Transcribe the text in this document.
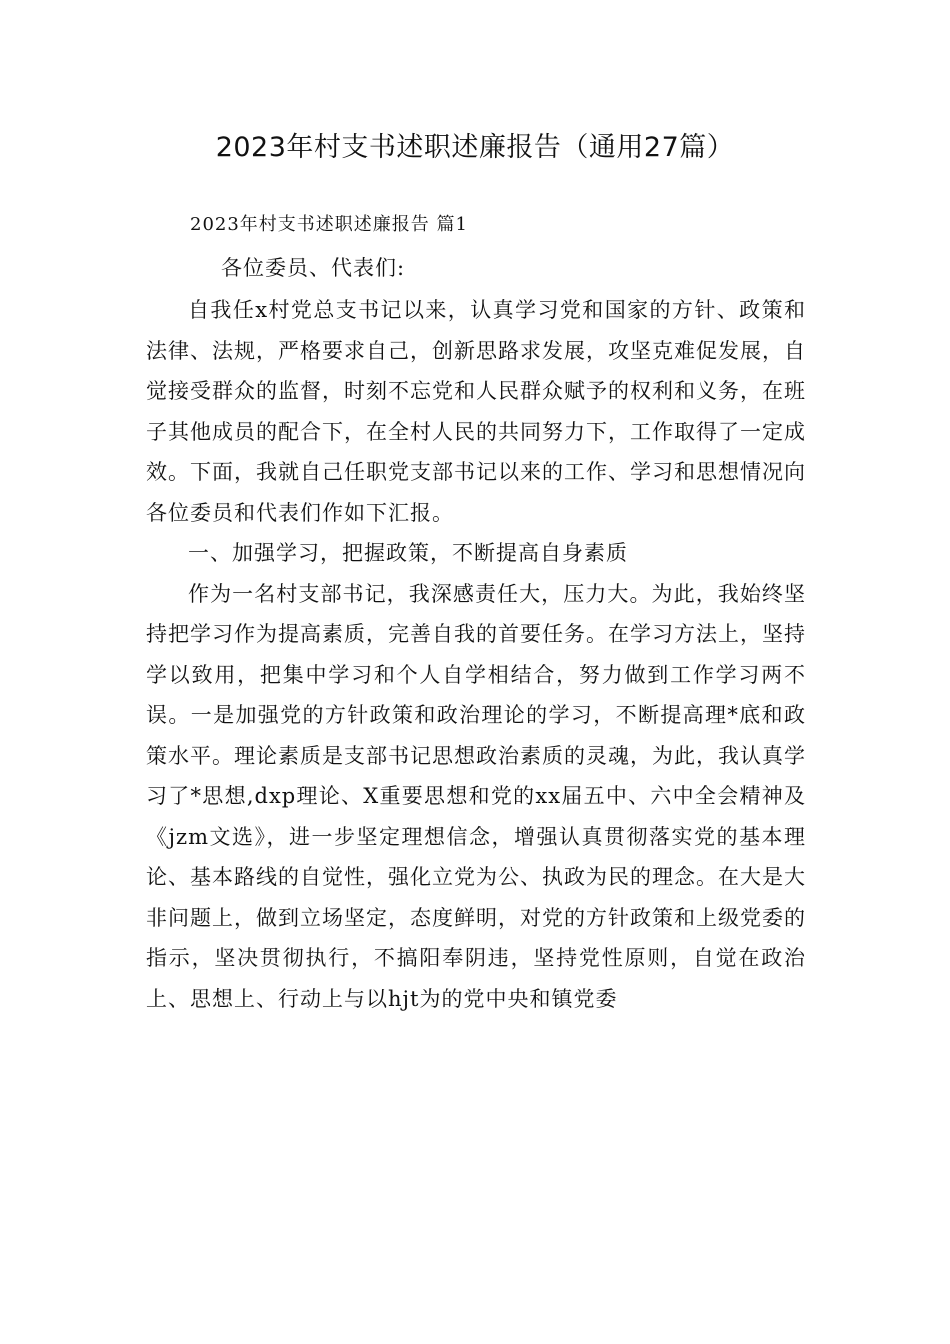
2023年村支书述职述廉报告（通用27篇）

2023年村支书述职述廉报告 篇1

各位委员、代表们:

自我任x村党总支书记以来，认真学习党和国家的方针、政策和法律、法规，严格要求自己，创新思路求发展，攻坚克难促发展，自觉接受群众的监督，时刻不忘党和人民群众赋予的权利和义务，在班子其他成员的配合下，在全村人民的共同努力下，工作取得了一定成效。下面，我就自己任职党支部书记以来的工作、学习和思想情况向各位委员和代表们作如下汇报。

一、加强学习，把握政策，不断提高自身素质

作为一名村支部书记，我深感责任大，压力大。为此，我始终坚持把学习作为提高素质，完善自我的首要任务。在学习方法上，坚持学以致用，把集中学习和个人自学相结合，努力做到工作学习两不误。一是加强党的方针政策和政治理论的学习，不断提高理*底和政策水平。理论素质是支部书记思想政治素质的灵魂，为此，我认真学习了*思想,dxp理论、X重要思想和党的xx届五中、六中全会精神及《jzm文选》，进一步坚定理想信念，增强认真贯彻落实党的基本理论、基本路线的自觉性，强化立党为公、执政为民的理念。在大是大非问题上，做到立场坚定，态度鲜明，对党的方针政策和上级党委的指示，坚决贯彻执行，不搞阳奉阴违，坚持党性原则，自觉在政治上、思想上、行动上与以hjt为的党中央和镇党委
